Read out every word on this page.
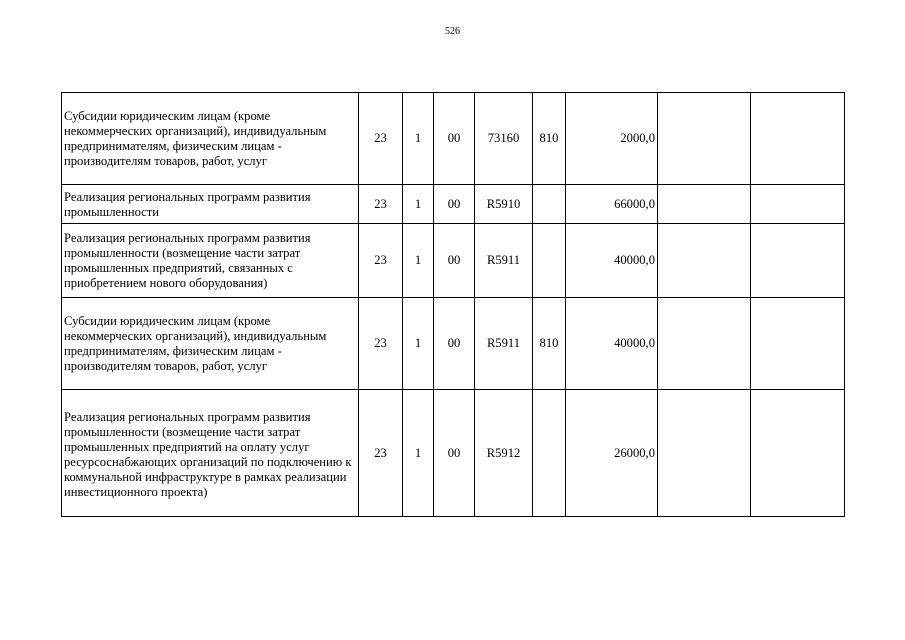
526
Субсидии юридическим лицам (кроме некоммерческих организаций), индивидуальным предпринимателям, физическим лицам - производителям товаров, работ, услуг	23	1	00	73160	810	2000,0		
Реализация региональных программ развития промышленности	23	1	00	R5910		66000,0		
Реализация региональных программ развития промышленности (возмещение части затрат промышленных предприятий, связанных с приобретением нового оборудования)	23	1	00	R5911		40000,0		
Субсидии юридическим лицам (кроме некоммерческих организаций), индивидуальным предпринимателям, физическим лицам - производителям товаров, работ, услуг	23	1	00	R5911	810	40000,0		
Реализация региональных программ развития промышленности (возмещение части затрат промышленных предприятий на оплату услуг ресурсоснабжающих организаций по подключению к коммунальной инфраструктуре в рамках реализации инвестиционного проекта)	23	1	00	R5912		26000,0		
